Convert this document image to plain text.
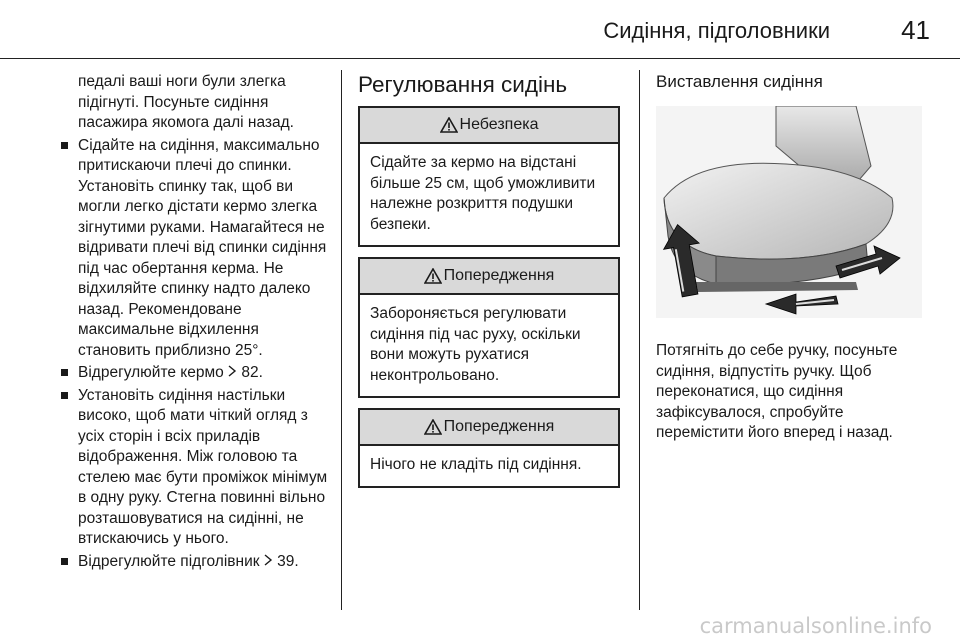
Сидіння, підголовники	41

педалі ваші ноги були злегка підігнуті. Посуньте сидіння пасажира якомога далі назад.

Сідайте на сидіння, максимально притискаючи плечі до спинки. Установіть спинку так, щоб ви могли легко дістати кермо злегка зігнутими руками. Намагайтеся не відривати плечі від спинки сидіння під час обертання керма. Не відхиляйте спинку надто далеко назад. Рекомендоване максимальне відхилення становить приблизно 25°.
Відрегулюйте кермо 82.
Установіть сидіння настільки високо, щоб мати чіткий огляд з усіх сторін і всіх приладів відображення. Між головою та стелею має бути проміжок мінімум в одну руку. Стегна повинні вільно розташовуватися на сидінні, не втискаючись у нього.
Відрегулюйте підголівник 39.
Регулювання сидінь
Небезпека
Сідайте за кермо на відстані більше 25 см, щоб уможливити належне розкриття подушки безпеки.
Попередження
Забороняється регулювати сидіння під час руху, оскільки вони можуть рухатися неконтрольовано.
Попередження
Нічого не кладіть під сидіння.
Виставлення сидіння

Потягніть до себе ручку, посуньте сидіння, відпустіть ручку. Щоб переконатися, що сидіння зафіксувалося, спробуйте перемістити його вперед і назад.

carmanualsonline.info
